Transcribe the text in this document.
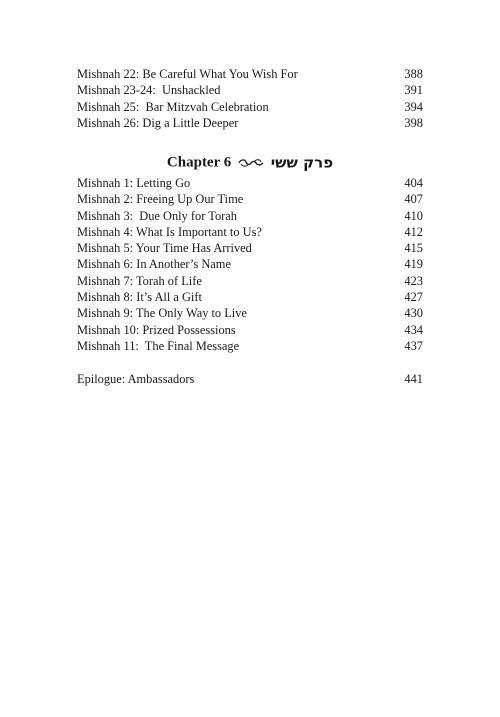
Mishnah 22: Be Careful What You Wish For	388
Mishnah 23-24:  Unshackled	391
Mishnah 25:  Bar Mitzvah Celebration	394
Mishnah 26: Dig a Little Deeper	398
Chapter 6	פרק ששי
Mishnah 1: Letting Go	404
Mishnah 2: Freeing Up Our Time	407
Mishnah 3:  Due Only for Torah	410
Mishnah 4: What Is Important to Us?	412
Mishnah 5: Your Time Has Arrived	415
Mishnah 6: In Another’s Name	419
Mishnah 7: Torah of Life	423
Mishnah 8: It’s All a Gift	427
Mishnah 9: The Only Way to Live	430
Mishnah 10: Prized Possessions	434
Mishnah 11:  The Final Message	437
Epilogue: Ambassadors	441
